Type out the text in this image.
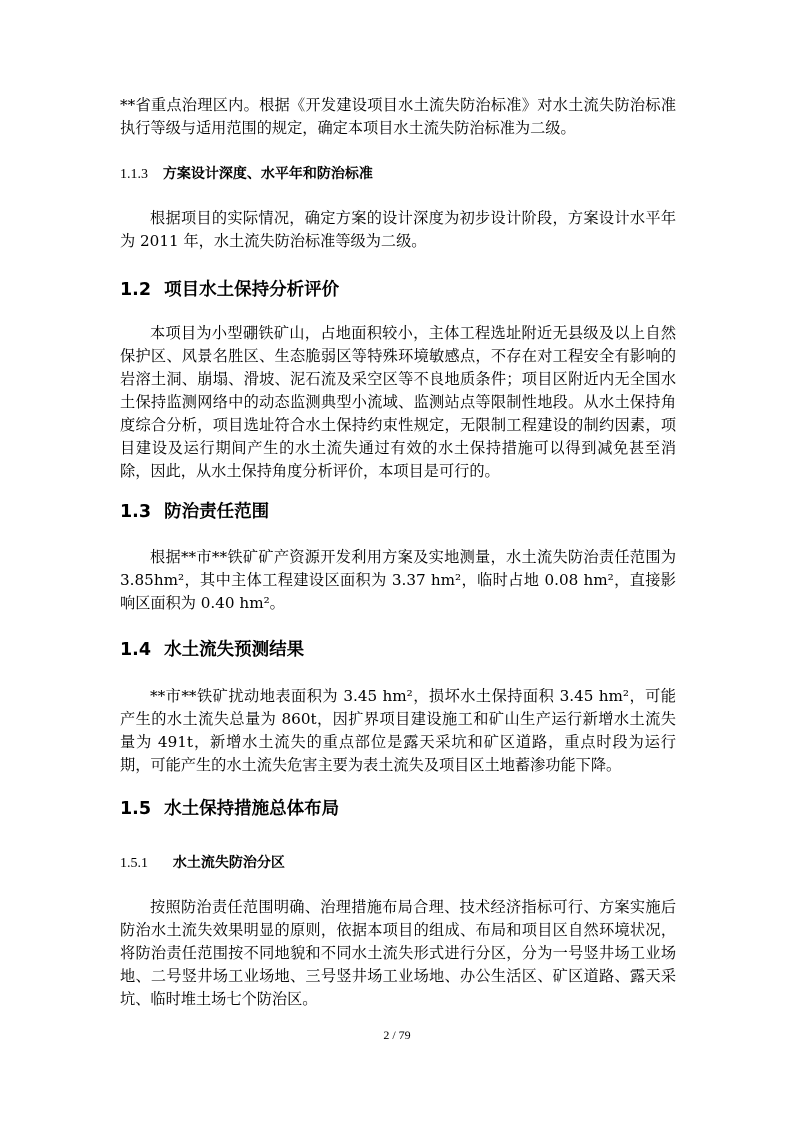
**省重点治理区内。根据《开发建设项目水土流失防治标准》对水土流失防治标准执行等级与适用范围的规定，确定本项目水土流失防治标准为二级。
1.1.3 方案设计深度、水平年和防治标准
根据项目的实际情况，确定方案的设计深度为初步设计阶段，方案设计水平年为 2011 年，水土流失防治标准等级为二级。
1.2 项目水土保持分析评价
本项目为小型硼铁矿山，占地面积较小，主体工程选址附近无县级及以上自然保护区、风景名胜区、生态脆弱区等特殊环境敏感点，不存在对工程安全有影响的岩溶土洞、崩塌、滑坡、泥石流及采空区等不良地质条件；项目区附近内无全国水土保持监测网络中的动态监测典型小流域、监测站点等限制性地段。从水土保持角度综合分析，项目选址符合水土保持约束性规定，无限制工程建设的制约因素，项目建设及运行期间产生的水土流失通过有效的水土保持措施可以得到减免甚至消除，因此，从水土保持角度分析评价，本项目是可行的。
1.3 防治责任范围
根据**市**铁矿矿产资源开发利用方案及实地测量，水土流失防治责任范围为 3.85hm²，其中主体工程建设区面积为 3.37 hm²，临时占地 0.08 hm²，直接影响区面积为 0.40 hm²。
1.4 水土流失预测结果
**市**铁矿扰动地表面积为 3.45 hm²，损坏水土保持面积 3.45 hm²，可能产生的水土流失总量为 860t，因扩界项目建设施工和矿山生产运行新增水土流失量为 491t，新增水土流失的重点部位是露天采坑和矿区道路，重点时段为运行期，可能产生的水土流失危害主要为表土流失及项目区土地蓄渗功能下降。
1.5 水土保持措施总体布局
1.5.1 水土流失防治分区
按照防治责任范围明确、治理措施布局合理、技术经济指标可行、方案实施后防治水土流失效果明显的原则，依据本项目的组成、布局和项目区自然环境状况，将防治责任范围按不同地貌和不同水土流失形式进行分区，分为一号竖井场工业场地、二号竖井场工业场地、三号竖井场工业场地、办公生活区、矿区道路、露天采坑、临时堆土场七个防治区。
2 / 79
